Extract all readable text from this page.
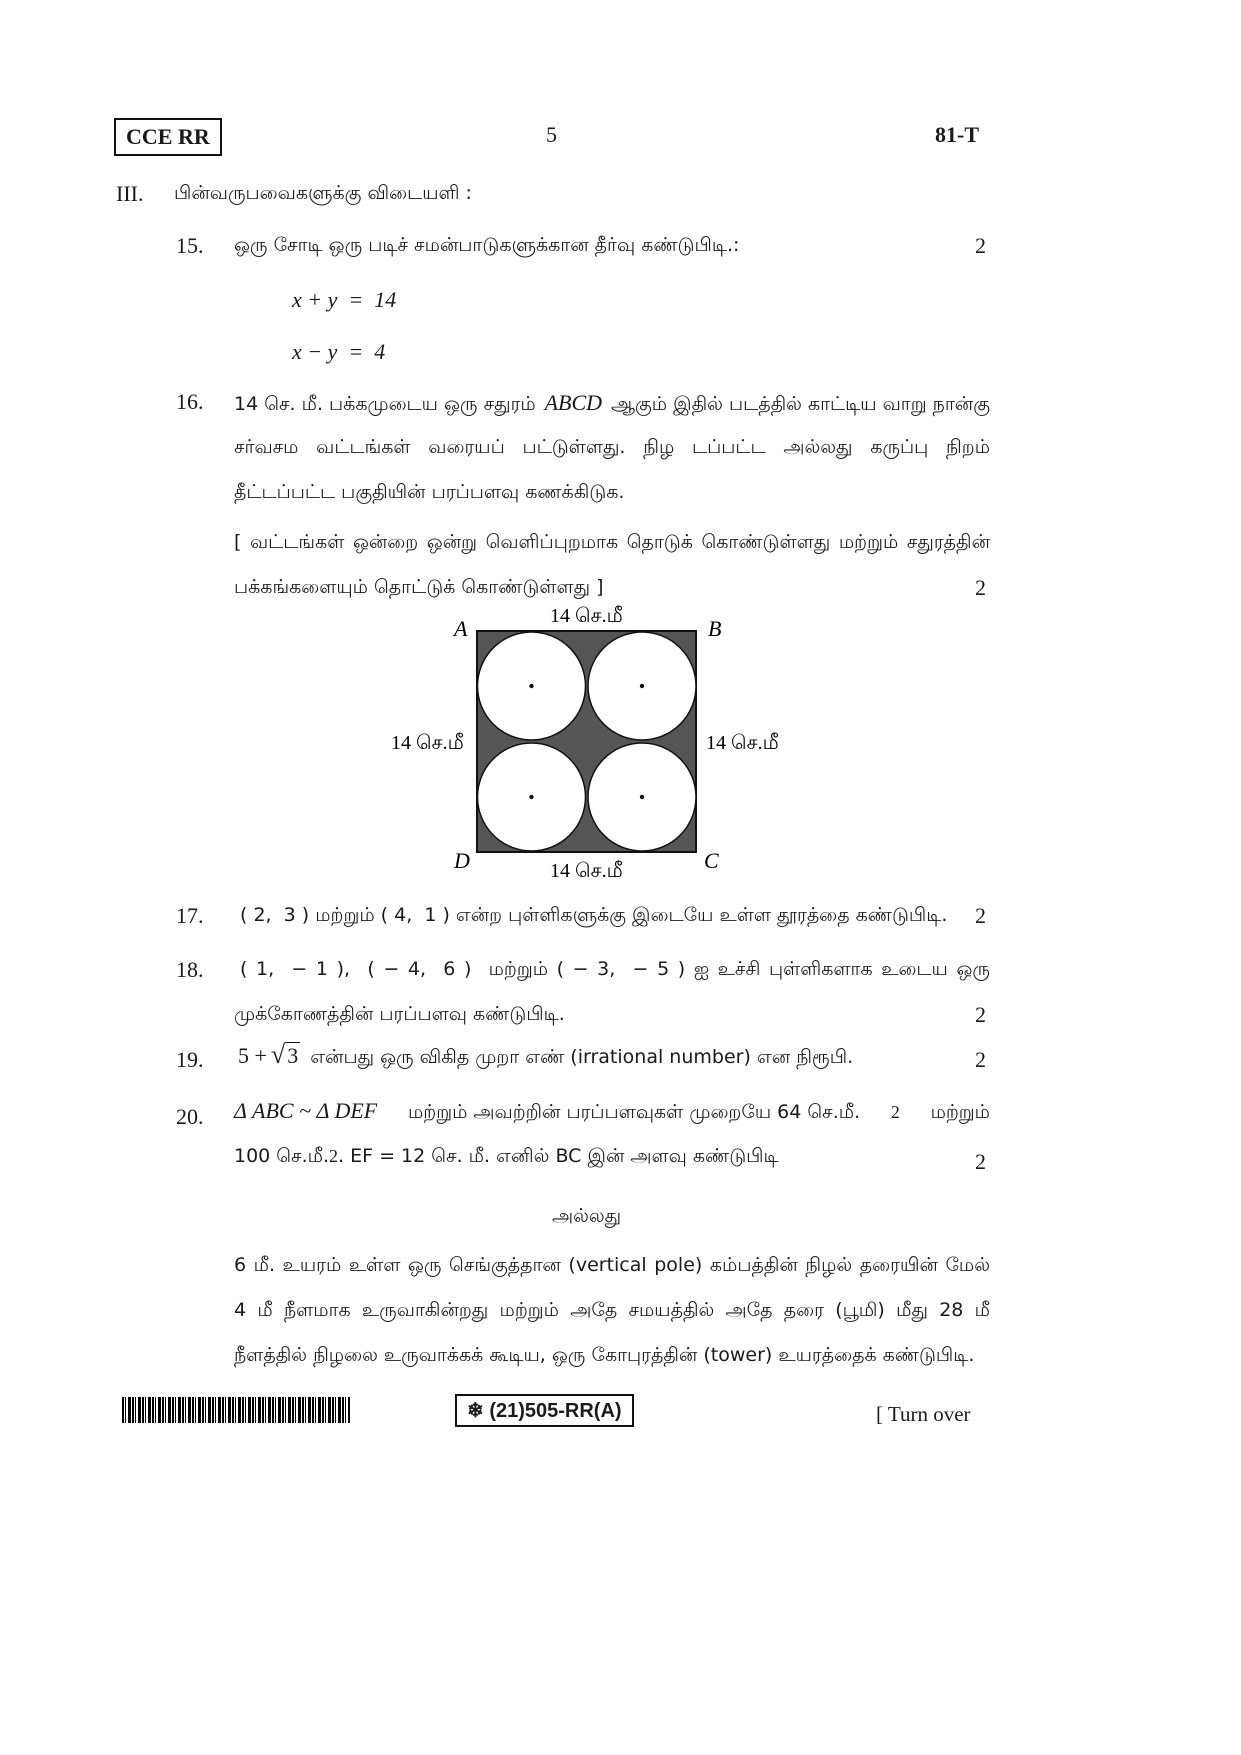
CCE RR	5	81-T
III. பின்வருபவைகளுக்கு விடையளி :
15. ஒரு சோடி ஒரு படிச் சமன்பாடுகளுக்கான தீர்வு கண்டுபிடி.:	2
x + y  =  14
x − y  =  4
16. 14 செ. மீ. பக்கமுடைய ஒரு சதுரம் ABCD ஆகும் இதில் படத்தில் காட்டிய வாறு நான்கு
சர்வசம வட்டங்கள் வரையப் பட்டுள்ளது. நிழ டப்பட்ட அல்லது கருப்பு நிறம்
தீட்டப்பட்ட பகுதியின் பரப்பளவு கணக்கிடுக.
[ வட்டங்கள் ஒன்றை ஒன்று வெளிப்புறமாக தொடுக் கொண்டுள்ளது மற்றும் சதுரத்தின்
பக்கங்களையும் தொட்டுக் கொண்டுள்ளது ]	2
A	B
C
D
14 செ.மீ
14 செ.மீ
14 செ.மீ	14 செ.மீ
17. ( 2,  3 ) மற்றும் ( 4,  1 ) என்ற புள்ளிகளுக்கு இடையே உள்ள தூரத்தை கண்டுபிடி. 2
18. ( 1,  − 1 ),  ( − 4,  6 )  மற்றும் ( − 3,  − 5 ) ஐ உச்சி புள்ளிகளாக உடைய ஒரு
முக்கோணத்தின் பரப்பளவு கண்டுபிடி.	2
19. 5 + √ 3 என்பது ஒரு விகித முறா எண் (irrational number) என நிரூபி.	2
20. Δ ABC ~ Δ DEF மற்றும் அவற்றின் பரப்பளவுகள் முறையே 64 செ.மீ. 2 மற்றும்
100 செ.மீ. 2 . EF = 12 செ. மீ. எனில் BC இன் அளவு கண்டுபிடி	2
அல்லது
6 மீ. உயரம் உள்ள ஒரு செங்குத்தான (vertical pole) கம்பத்தின் நிழல் தரையின் மேல்
4 மீ நீளமாக உருவாகின்றது மற்றும் அதே சமயத்தில் அதே தரை (பூமி) மீது 28 மீ
நீளத்தில் நிழலை உருவாக்கக் கூடிய, ஒரு கோபுரத்தின் (tower) உயரத்தைக் கண்டுபிடி.
❄ (21)505-RR(A)	[ Turn over
